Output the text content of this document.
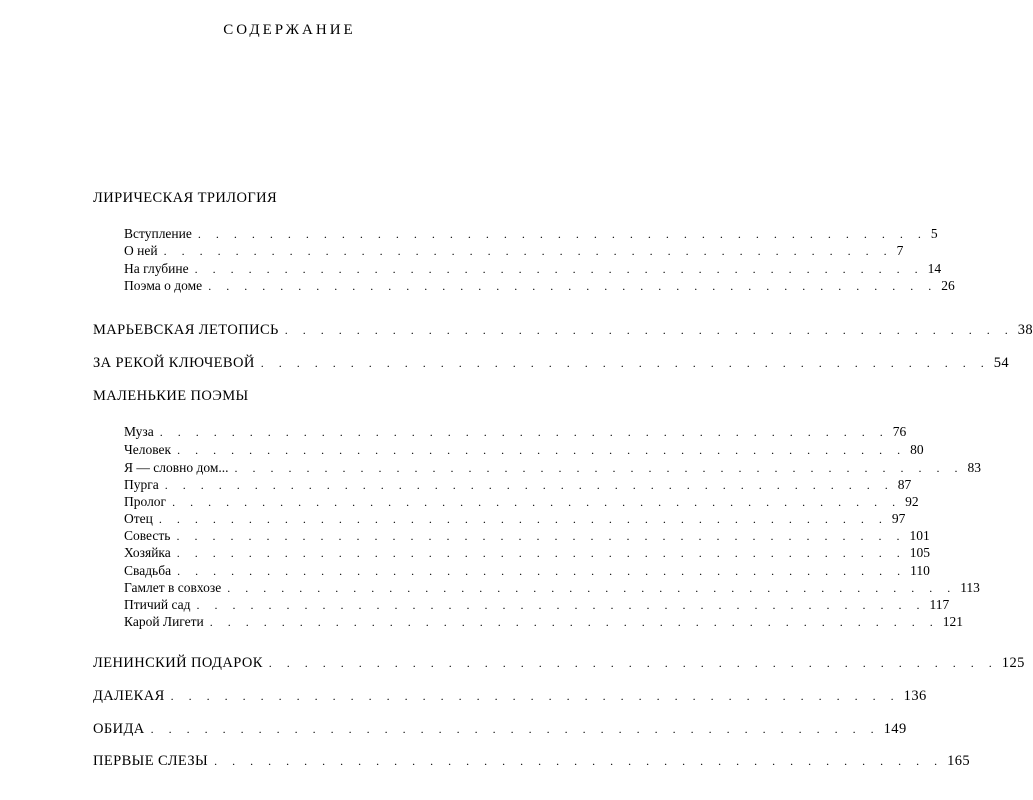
СОДЕРЖАНИЕ
ЛИРИЧЕСКАЯ ТРИЛОГИЯ
Вступление . . . . . . . . . . . . . . . . . . . . . . . . . . . . . . . . . . . . . . . . . 5
О ней . . . . . . . . . . . . . . . . . . . . . . . . . . . . . . . . . . . . . . . . . 7
На глубине . . . . . . . . . . . . . . . . . . . . . . . . . . . . . . . . . . . . . . . . . 14
Поэма о доме . . . . . . . . . . . . . . . . . . . . . . . . . . . . . . . . . . . . . . . . . 26
МАРЬЕВСКАЯ ЛЕТОПИСЬ . . . . . . . . . . . . . . . . . . . . . . . . . . . . . . . . . . . . . . . . . 38
ЗА РЕКОЙ КЛЮЧЕВОЙ . . . . . . . . . . . . . . . . . . . . . . . . . . . . . . . . . . . . . . . . . 54
МАЛЕНЬКИЕ ПОЭМЫ
Муза . . . . . . . . . . . . . . . . . . . . . . . . . . . . . . . . . . . . . . . . . 76
Человек . . . . . . . . . . . . . . . . . . . . . . . . . . . . . . . . . . . . . . . . . 80
Я — словно дом... . . . . . . . . . . . . . . . . . . . . . . . . . . . . . . . . . . . . . . . . . 83
Пурга . . . . . . . . . . . . . . . . . . . . . . . . . . . . . . . . . . . . . . . . . 87
Пролог . . . . . . . . . . . . . . . . . . . . . . . . . . . . . . . . . . . . . . . . . 92
Отец . . . . . . . . . . . . . . . . . . . . . . . . . . . . . . . . . . . . . . . . . 97
Совесть . . . . . . . . . . . . . . . . . . . . . . . . . . . . . . . . . . . . . . . . . 101
Хозяйка . . . . . . . . . . . . . . . . . . . . . . . . . . . . . . . . . . . . . . . . . 105
Свадьба . . . . . . . . . . . . . . . . . . . . . . . . . . . . . . . . . . . . . . . . . 110
Гамлет в совхозе . . . . . . . . . . . . . . . . . . . . . . . . . . . . . . . . . . . . . . . . . 113
Птичий сад . . . . . . . . . . . . . . . . . . . . . . . . . . . . . . . . . . . . . . . . . 117
Карой Лигети . . . . . . . . . . . . . . . . . . . . . . . . . . . . . . . . . . . . . . . . . 121
ЛЕНИНСКИЙ ПОДАРОК . . . . . . . . . . . . . . . . . . . . . . . . . . . . . . . . . . . . . . . . . 125
ДАЛЕКАЯ . . . . . . . . . . . . . . . . . . . . . . . . . . . . . . . . . . . . . . . . . 136
ОБИДА . . . . . . . . . . . . . . . . . . . . . . . . . . . . . . . . . . . . . . . . . 149
ПЕРВЫЕ СЛЕЗЫ . . . . . . . . . . . . . . . . . . . . . . . . . . . . . . . . . . . . . . . . . 165
